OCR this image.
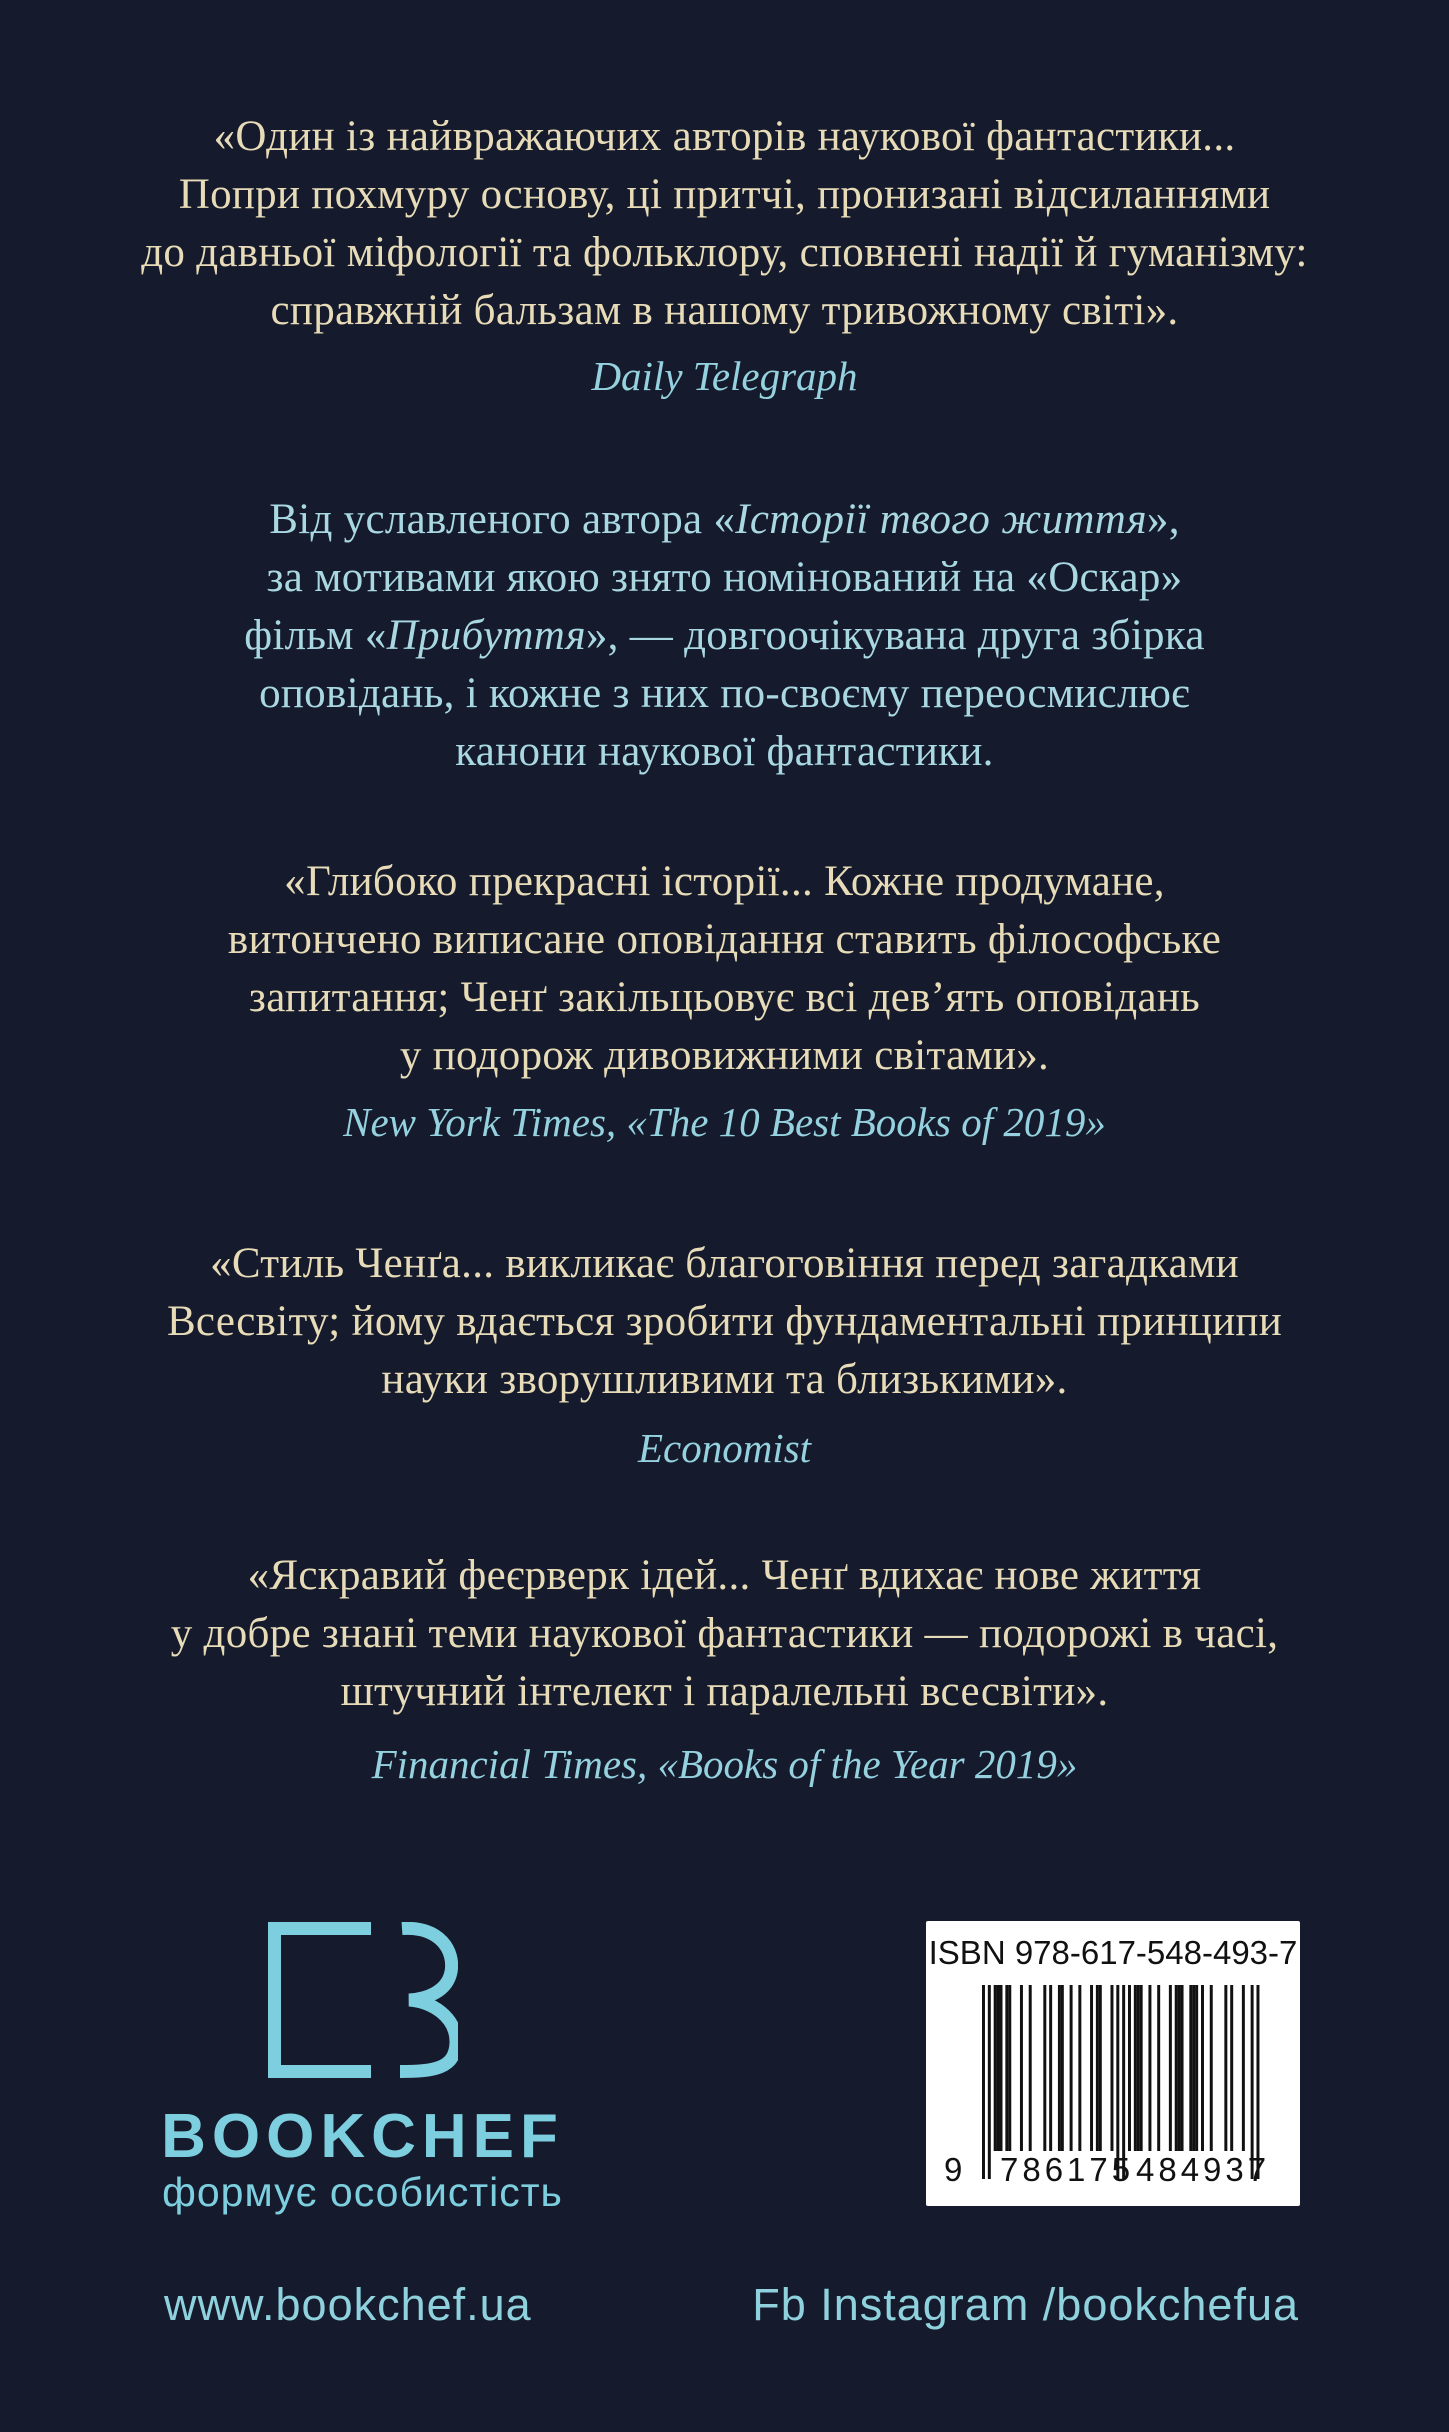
«Один із найвражаючих авторів наукової фантастики...
Попри похмуру основу, ці притчі, пронизані відсиланнями
до давньої міфології та фольклору, сповнені надії й гуманізму:
справжній бальзам в нашому тривожному світі».
Daily Telegraph
Від уславленого автора «Історії твого життя»,
за мотивами якою знято номінований на «Оскар»
фільм «Прибуття», — довгоочікувана друга збірка
оповідань, і кожне з них по-своєму переосмислює
канони наукової фантастики.
«Глибоко прекрасні історії... Кожне продумане,
витончено виписане оповідання ставить філософське
запитання; Ченґ закільцьовує всі дев’ять оповідань
у подорож дивовижними світами».
New York Times, «The 10 Best Books of 2019»
«Стиль Ченґа... викликає благоговіння перед загадками
Всесвіту; йому вдається зробити фундаментальні принципи
науки зворушливими та близькими».
Economist
«Яскравий феєрверк ідей... Ченґ вдихає нове життя
у добре знані теми наукової фантастики — подорожі в часі,
штучний інтелект і паралельні всесвіти».
Financial Times, «Books of the Year 2019»
BOOKCHEF
формує особистість
ISBN 978-617-548-493-7
9 786175 484937
www.bookchef.ua	Fb Instagram /bookchefua
